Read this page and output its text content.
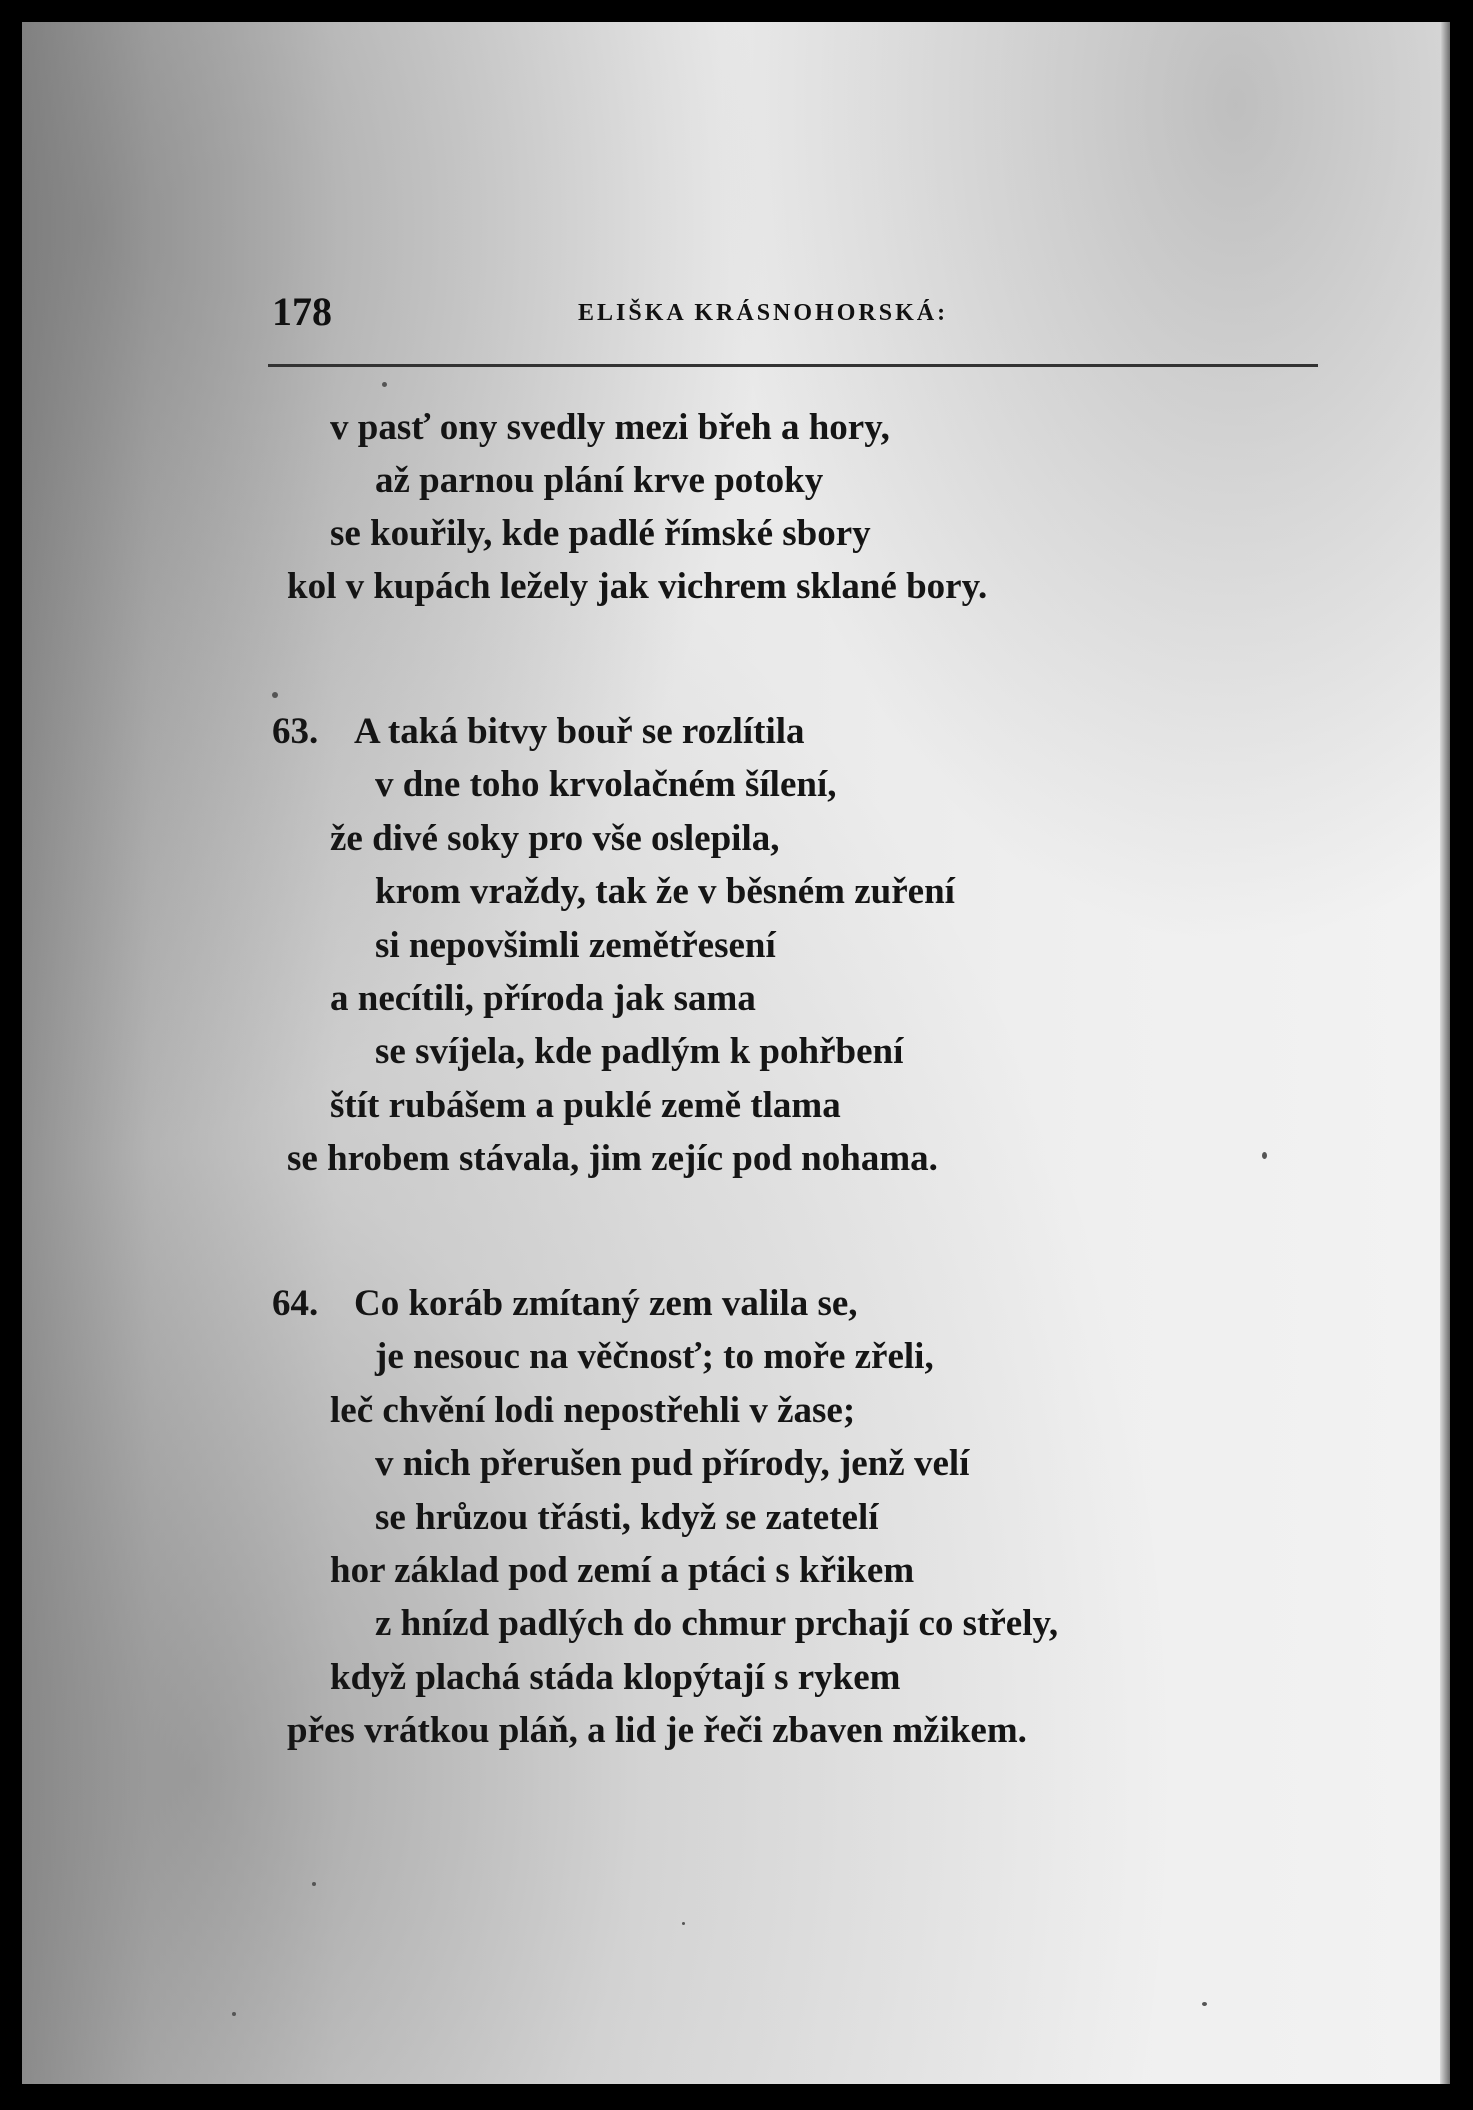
178	ELIŠKA KRÁSNOHORSKÁ:
v pasť ony svedly mezi břeh a hory,
až parnou plání krve potoky
se kouřily, kde padlé římské sbory
kol v kupách ležely jak vichrem sklané bory.
63. A taká bitvy bouř se rozlítila
v dne toho krvolačném šílení,
že divé soky pro vše oslepila,
krom vraždy, tak že v běsném zuření
si nepovšimli zemětřesení
a necítili, příroda jak sama
se svíjela, kde padlým k pohřbení
štít rubášem a puklé země tlama
se hrobem stávala, jim zejíc pod nohama.
64. Co koráb zmítaný zem valila se,
je nesouc na věčnosť; to moře zřeli,
leč chvění lodi nepostřehli v žase;
v nich přerušen pud přírody, jenž velí
se hrůzou třásti, když se zatetelí
hor základ pod zemí a ptáci s křikem
z hnízd padlých do chmur prchají co střely,
když plachá stáda klopýtají s rykem
přes vrátkou pláň, a lid je řeči zbaven mžikem.
